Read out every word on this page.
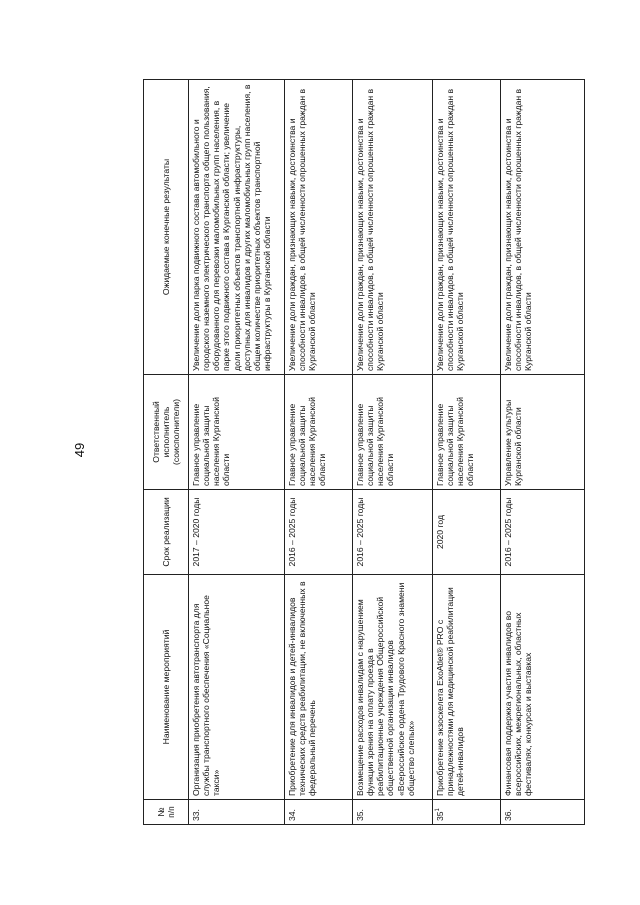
49
№ п/п	Наименование мероприятий	Срок реализации	Ответственный исполнитель (соисполнители)	Ожидаемые конечные результаты
33.	Организация приобретения автотранспорта для службы транспортного обеспечения «Социальное такси»	2017 – 2020 годы	Главное управление социальной защиты населения Курганской области	Увеличение доли парка подвижного состава автомобильного и городского наземного электрического транспорта общего пользования, оборудованного для перевозки маломобильных групп населения, в парке этого подвижного состава в Курганской области; увеличение доли приоритетных объектов транспортной инфраструктуры, доступных для инвалидов и других маломобильных групп населения, в общем количестве приоритетных объектов транспортной инфраструктуры в Курганской области
34.	Приобретение для инвалидов и детей-инвалидов технических средств реабилитации, не включенных в федеральный перечень	2016 – 2025 годы	Главное управление социальной защиты населения Курганской области	Увеличение доли граждан, признающих навыки, достоинства и способности инвалидов, в общей численности опрошенных граждан в Курганской области
35.	Возмещение расходов инвалидам с нарушением функции зрения на оплату проезда в реабилитационные учреждения Общероссийской общественной организации инвалидов «Всероссийское ордена Трудового Красного знамени общество слепых»	2016 – 2025 годы	Главное управление социальной защиты населения Курганской области	Увеличение доли граждан, признающих навыки, достоинства и способности инвалидов, в общей численности опрошенных граждан в Курганской области
$35^1$	Приобретение экзоскелета ExoAtlet® PRO с принадлежностями для медицинской реабилитации детей-инвалидов	2020 год	Главное управление социальной защиты населения Курганской области	Увеличение доли граждан, признающих навыки, достоинства и способности инвалидов, в общей численности опрошенных граждан в Курганской области
36.	Финансовая поддержка участия инвалидов во всероссийских, межрегиональных, областных фестивалях, конкурсах и выставках	2016 – 2025 годы	Управление культуры Курганской области	Увеличение доли граждан, признающих навыки, достоинства и способности инвалидов, в общей численности опрошенных граждан в Курганской области
